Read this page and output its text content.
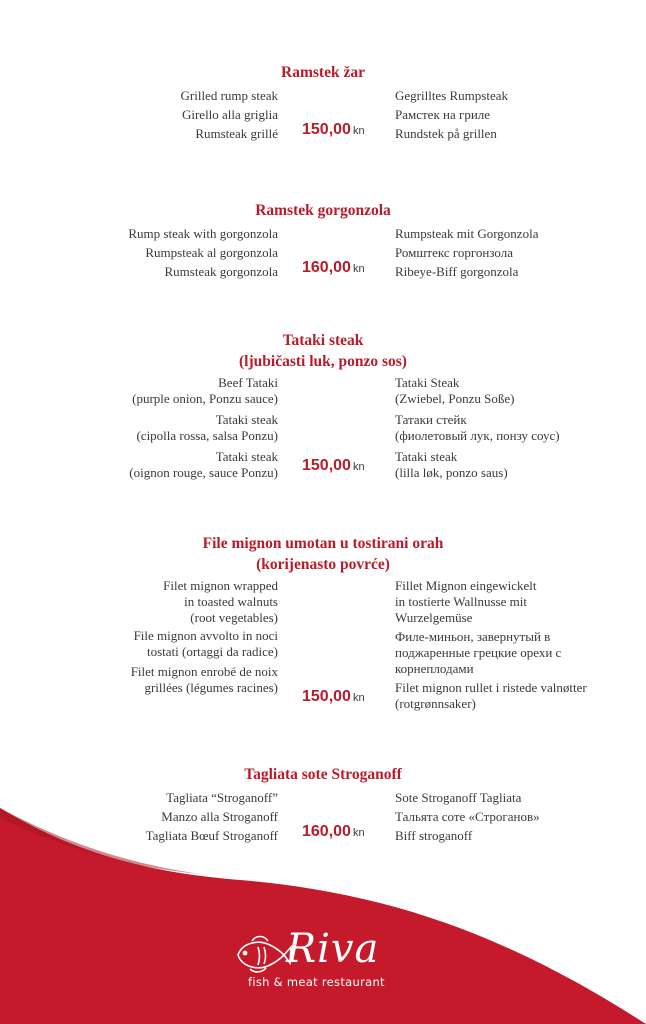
Ramstek žar
Grilled rump steak
Girello alla griglia
Rumsteak grillé 150,00 kn
Gegrilltes Rumpsteak
Рамстек на гриле
Rundstek på grillen
Ramstek gorgonzola
Rump steak with gorgonzola
Rumpsteak al gorgonzola
Rumsteak gorgonzola 160,00 kn
Rumpsteak mit Gorgonzola
Ромштекс горгонзола
Ribeye-Biff gorgonzola
Tataki steak
(ljubičasti luk, ponzo sos)
Beef Tataki
(purple onion, Ponzu sauce)
Tataki steak
(cipolla rossa, salsa Ponzu)
Tataki steak
(oignon rouge, sauce Ponzu) 150,00 kn
Tataki Steak
(Zwiebel, Ponzu Soße)
Татаки стейк
(фиолетовый лук, понзу соус)
Tataki steak
(lilla løk, ponzo saus)
File mignon umotan u tostirani orah
(korijenasto povrće)
Filet mignon wrapped
in toasted walnuts
(root vegetables)
File mignon avvolto in noci
tostati (ortaggi da radice)
Filet mignon enrobé de noix
grillées (légumes racines)
150,00 kn
Fillet Mignon eingewickelt
in tostierte Wallnusse mit
Wurzelgemüse
Филе-миньон, завернутый в
поджаренные грецкие орехи с
корнеплодами
Filet mignon rullet i ristede valnøtter
(rotgrønnsaker)
Tagliata sote Stroganoff
Tagliata “Stroganoff”
Manzo alla Stroganoff
Tagliata Bœuf Stroganoff 160,00 kn
Sote Stroganoff Tagliata
Тальята соте «Строганов»
Biff stroganoff
Riva
fish & meat restaurant
